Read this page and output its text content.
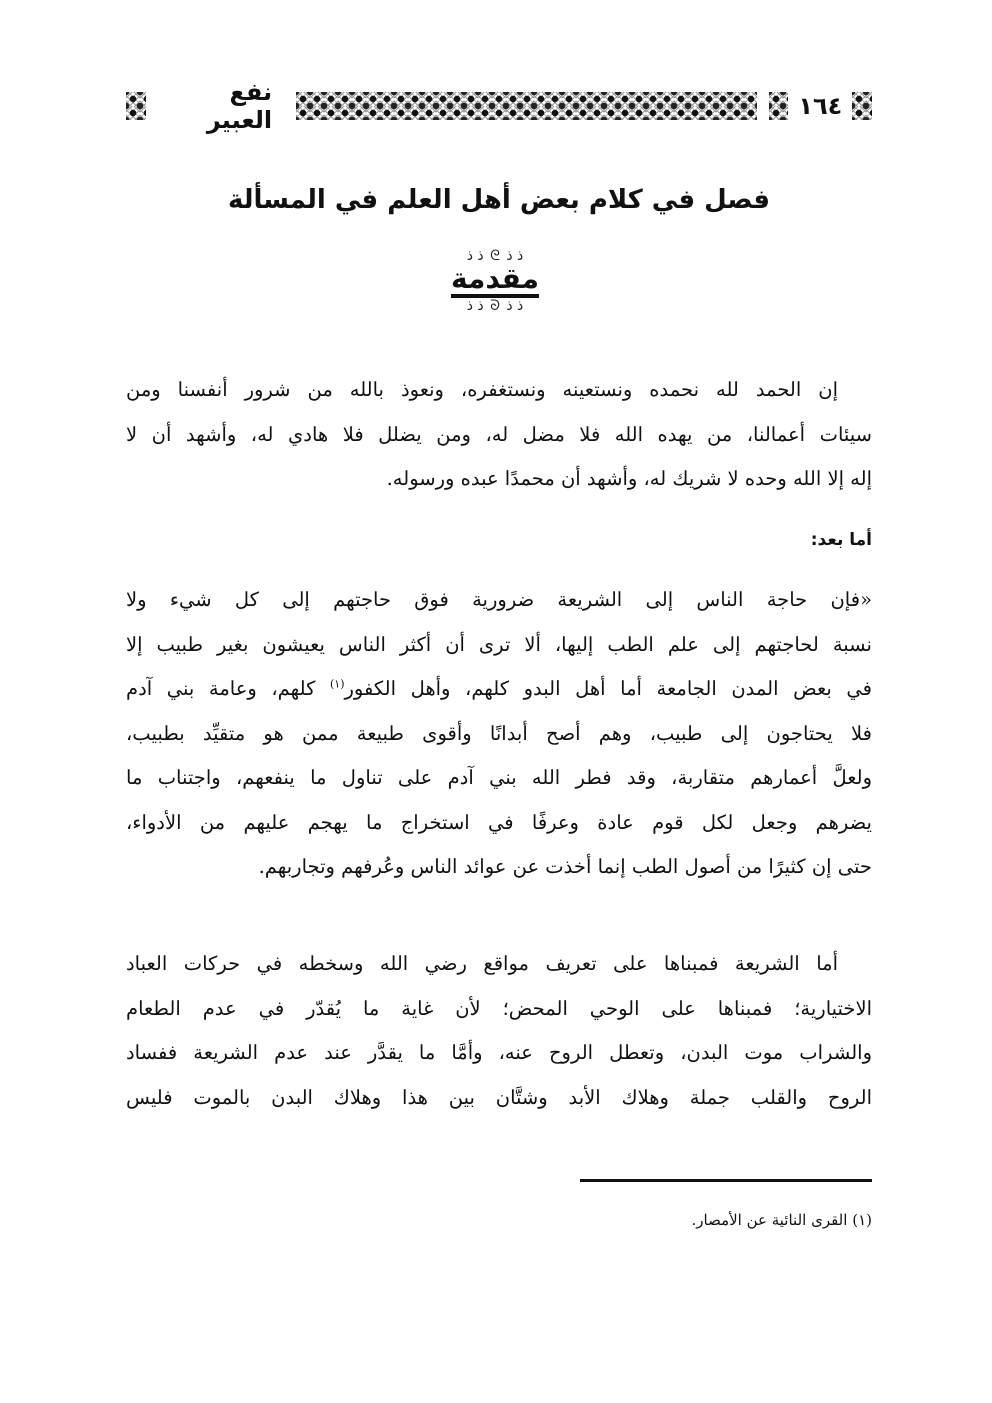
١٦٤
نفع العبير
فصل في كلام بعض أهل العلم في المسألة
ﺫ ﺫ ᘓ ﺫ ﺫ
مقدمة
ﺫ ﺫ ᘐ ﺫ ﺫ

إن الحمد لله نحمده ونستعينه ونستغفره، ونعوذ بالله من شرور أنفسنا ومن
سيئات أعمالنا، من يهده الله فلا مضل له، ومن يضلل فلا هادي له، وأشهد أن لا
إله إلا الله وحده لا شريك له، وأشهد أن محمدًا عبده ورسوله.

أما بعد:

«فإن حاجة الناس إلى الشريعة ضرورية فوق حاجتهم إلى كل شيء ولا
نسبة لحاجتهم إلى علم الطب إليها، ألا ترى أن أكثر الناس يعيشون بغير طبيب إلا
في بعض المدن الجامعة أما أهل البدو كلهم، وأهل الكفور$^{(١)}$ كلهم، وعامة بني آدم
فلا يحتاجون إلى طبيب، وهم أصح أبدانًا وأقوى طبيعة ممن هو متقيِّد بطبيب،
ولعلَّ أعمارهم متقاربة، وقد فطر الله بني آدم على تناول ما ينفعهم، واجتناب ما
يضرهم وجعل لكل قوم عادة وعرفًا في استخراج ما يهجم عليهم من الأدواء،
حتى إن كثيرًا من أصول الطب إنما أخذت عن عوائد الناس وعُرفهم وتجاربهم.

أما الشريعة فمبناها على تعريف مواقع رضي الله وسخطه في حركات العباد
الاختيارية؛ فمبناها على الوحي المحض؛ لأن غاية ما يُقدّر في عدم الطعام
والشراب موت البدن، وتعطل الروح عنه، وأمَّا ما يقدَّر عند عدم الشريعة ففساد
الروح والقلب جملة وهلاك الأبد وشتَّان بين هذا وهلاك البدن بالموت فليس

(١) القرى النائية عن الأمصار.
